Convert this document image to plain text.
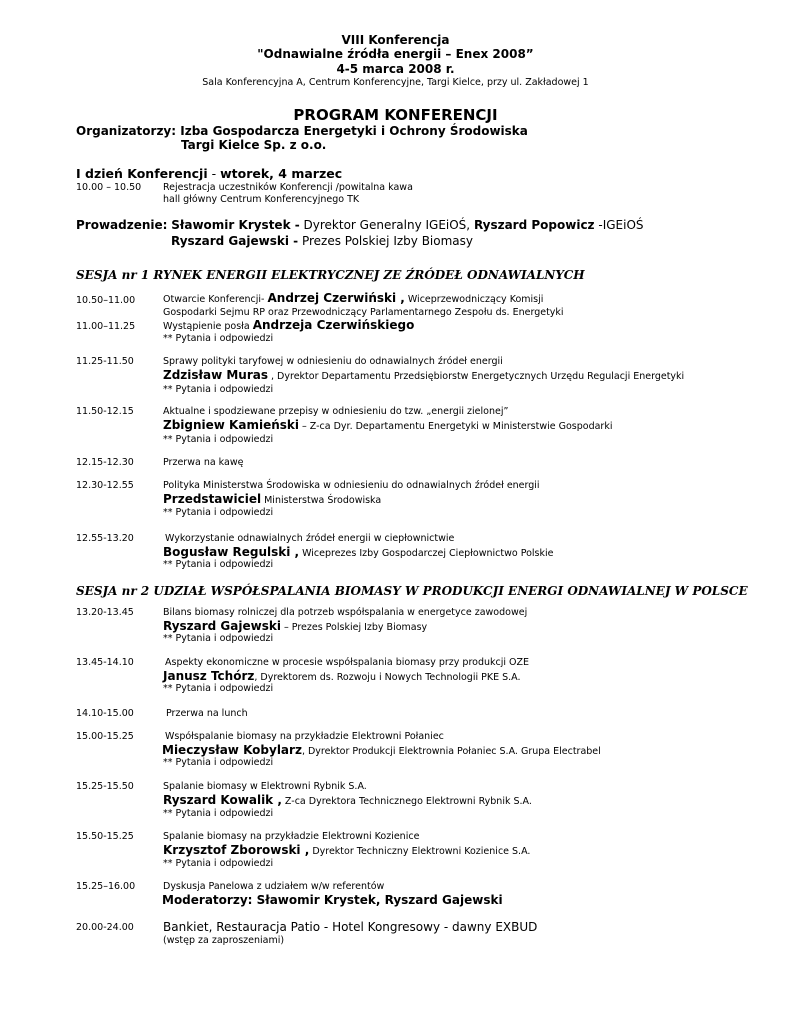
VIII Konferencja
"Odnawialne źródła energii – Enex 2008”
4-5 marca 2008 r.
Sala Konferencyjna A, Centrum Konferencyjne, Targi Kielce, przy ul. Zakładowej 1
PROGRAM KONFERENCJI
Organizatorzy: Izba Gospodarcza Energetyki i Ochrony Środowiska
Targi Kielce Sp. z o.o.
I dzień Konferencji - wtorek, 4 marzec
10.00 – 10.50 Rejestracja uczestników Konferencji /powitalna kawa
hall główny Centrum Konferencyjnego TK
Prowadzenie: Sławomir Krystek - Dyrektor Generalny IGEiOŚ, Ryszard Popowicz -IGEiOŚ
Ryszard Gajewski - Prezes Polskiej Izby Biomasy
SESJA nr 1 RYNEK ENERGII ELEKTRYCZNEJ ZE ŹRÓDEŁ ODNAWIALNYCH
10.50–11.00	Otwarcie Konferencji- Andrzej Czerwiński , Wiceprzewodniczący Komisji
Gospodarki Sejmu RP oraz Przewodniczący Parlamentarnego Zespołu ds. Energetyki
11.00–11.25	Wystąpienie posła Andrzeja Czerwińskiego
** Pytania i odpowiedzi
11.25-11.50	Sprawy polityki taryfowej w odniesieniu do odnawialnych źródeł energii
Zdzisław Muras , Dyrektor Departamentu Przedsiębiorstw Energetycznych Urzędu Regulacji Energetyki
** Pytania i odpowiedzi
11.50-12.15	Aktualne i spodziewane przepisy w odniesieniu do tzw. „energii zielonej”
Zbigniew Kamieński – Z-ca Dyr. Departamentu Energetyki w Ministerstwie Gospodarki
** Pytania i odpowiedzi
12.15-12.30	Przerwa na kawę
12.30-12.55	Polityka Ministerstwa Środowiska w odniesieniu do odnawialnych źródeł energii
Przedstawiciel Ministerstwa Środowiska
** Pytania i odpowiedzi
12.55-13.20	Wykorzystanie odnawialnych źródeł energii w ciepłownictwie
Bogusław Regulski , Wiceprezes Izby Gospodarczej Ciepłownictwo Polskie
** Pytania i odpowiedzi
SESJA nr 2 UDZIAŁ WSPÓŁSPALANIA BIOMASY W PRODUKCJI ENERGI ODNAWIALNEJ W POLSCE
13.20-13.45	Bilans biomasy rolniczej dla potrzeb współspalania w energetyce zawodowej
Ryszard Gajewski – Prezes Polskiej Izby Biomasy
** Pytania i odpowiedzi
13.45-14.10	Aspekty ekonomiczne w procesie współspalania biomasy przy produkcji OZE
Janusz Tchórz, Dyrektorem ds. Rozwoju i Nowych Technologii PKE S.A.
** Pytania i odpowiedzi
14.10-15.00	Przerwa na lunch
15.00-15.25	Współspalanie biomasy na przykładzie Elektrowni Połaniec
Mieczysław Kobylarz, Dyrektor Produkcji Elektrownia Połaniec S.A. Grupa Electrabel
** Pytania i odpowiedzi
15.25-15.50	Spalanie biomasy w Elektrowni Rybnik S.A.
Ryszard Kowalik , Z-ca Dyrektora Technicznego Elektrowni Rybnik S.A.
** Pytania i odpowiedzi
15.50-15.25	Spalanie biomasy na przykładzie Elektrowni Kozienice
Krzysztof Zborowski , Dyrektor Techniczny Elektrowni Kozienice S.A.
** Pytania i odpowiedzi
15.25–16.00	Dyskusja Panelowa z udziałem w/w referentów
Moderatorzy: Sławomir Krystek, Ryszard Gajewski
20.00-24.00 Bankiet, Restauracja Patio - Hotel Kongresowy - dawny EXBUD
(wstęp za zaproszeniami)
